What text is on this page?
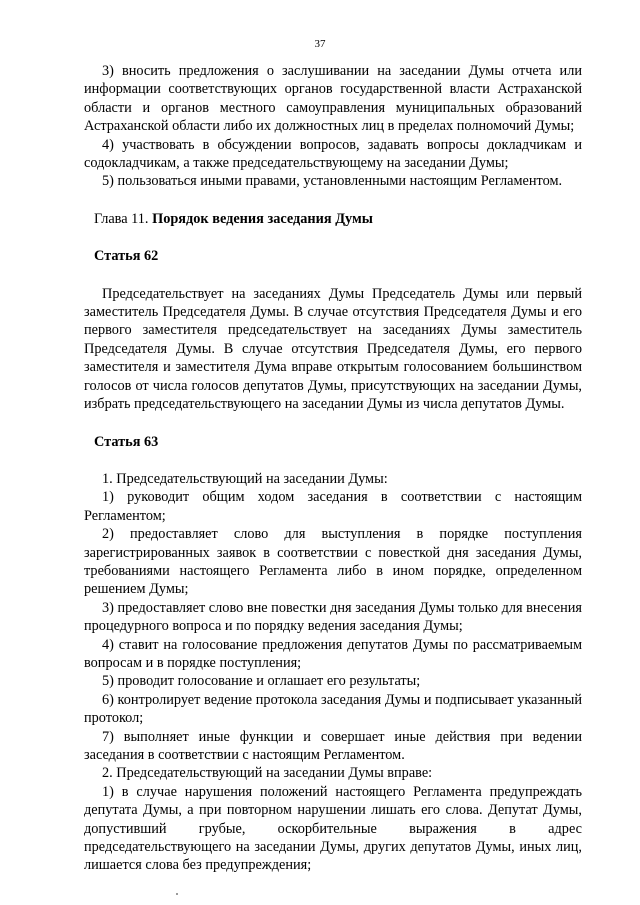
37

3) вносить предложения о заслушивании на заседании Думы отчета или информации соответствующих органов государственной власти Астраханской области и органов местного самоуправления муниципальных образований Астраханской области либо их должностных лиц в пределах полномочий Думы;

4) участвовать в обсуждении вопросов, задавать вопросы докладчикам и содокладчикам, а также председательствующему на заседании Думы;

5) пользоваться иными правами, установленными настоящим Регламентом.

Глава 11. Порядок ведения заседания Думы

Статья 62

Председательствует на заседаниях Думы Председатель Думы или первый заместитель Председателя Думы. В случае отсутствия Председателя Думы и его первого заместителя председательствует на заседаниях Думы заместитель Председателя Думы. В случае отсутствия Председателя Думы, его первого заместителя и заместителя Дума вправе открытым голосованием большинством голосов от числа голосов депутатов Думы, присутствующих на заседании Думы, избрать председательствующего на заседании Думы из числа депутатов Думы.

Статья 63

1. Председательствующий на заседании Думы:

1) руководит общим ходом заседания в соответствии с настоящим Регламентом;

2) предоставляет слово для выступления в порядке поступления зарегистрированных заявок в соответствии с повесткой дня заседания Думы, требованиями настоящего Регламента либо в ином порядке, определенном решением Думы;

3) предоставляет слово вне повестки дня заседания Думы только для внесения процедурного вопроса и по порядку ведения заседания Думы;

4) ставит на голосование предложения депутатов Думы по рассматриваемым вопросам и в порядке поступления;

5) проводит голосование и оглашает его результаты;

6) контролирует ведение протокола заседания Думы и подписывает указанный протокол;

7) выполняет иные функции и совершает иные действия при ведении заседания в соответствии с настоящим Регламентом.

2. Председательствующий на заседании Думы вправе:

1) в случае нарушения положений настоящего Регламента предупреждать депутата Думы, а при повторном нарушении лишать его слова. Депутат Думы, допустивший грубые, оскорбительные выражения в адрес председательствующего на заседании Думы, других депутатов Думы, иных лиц, лишается слова без предупреждения;
